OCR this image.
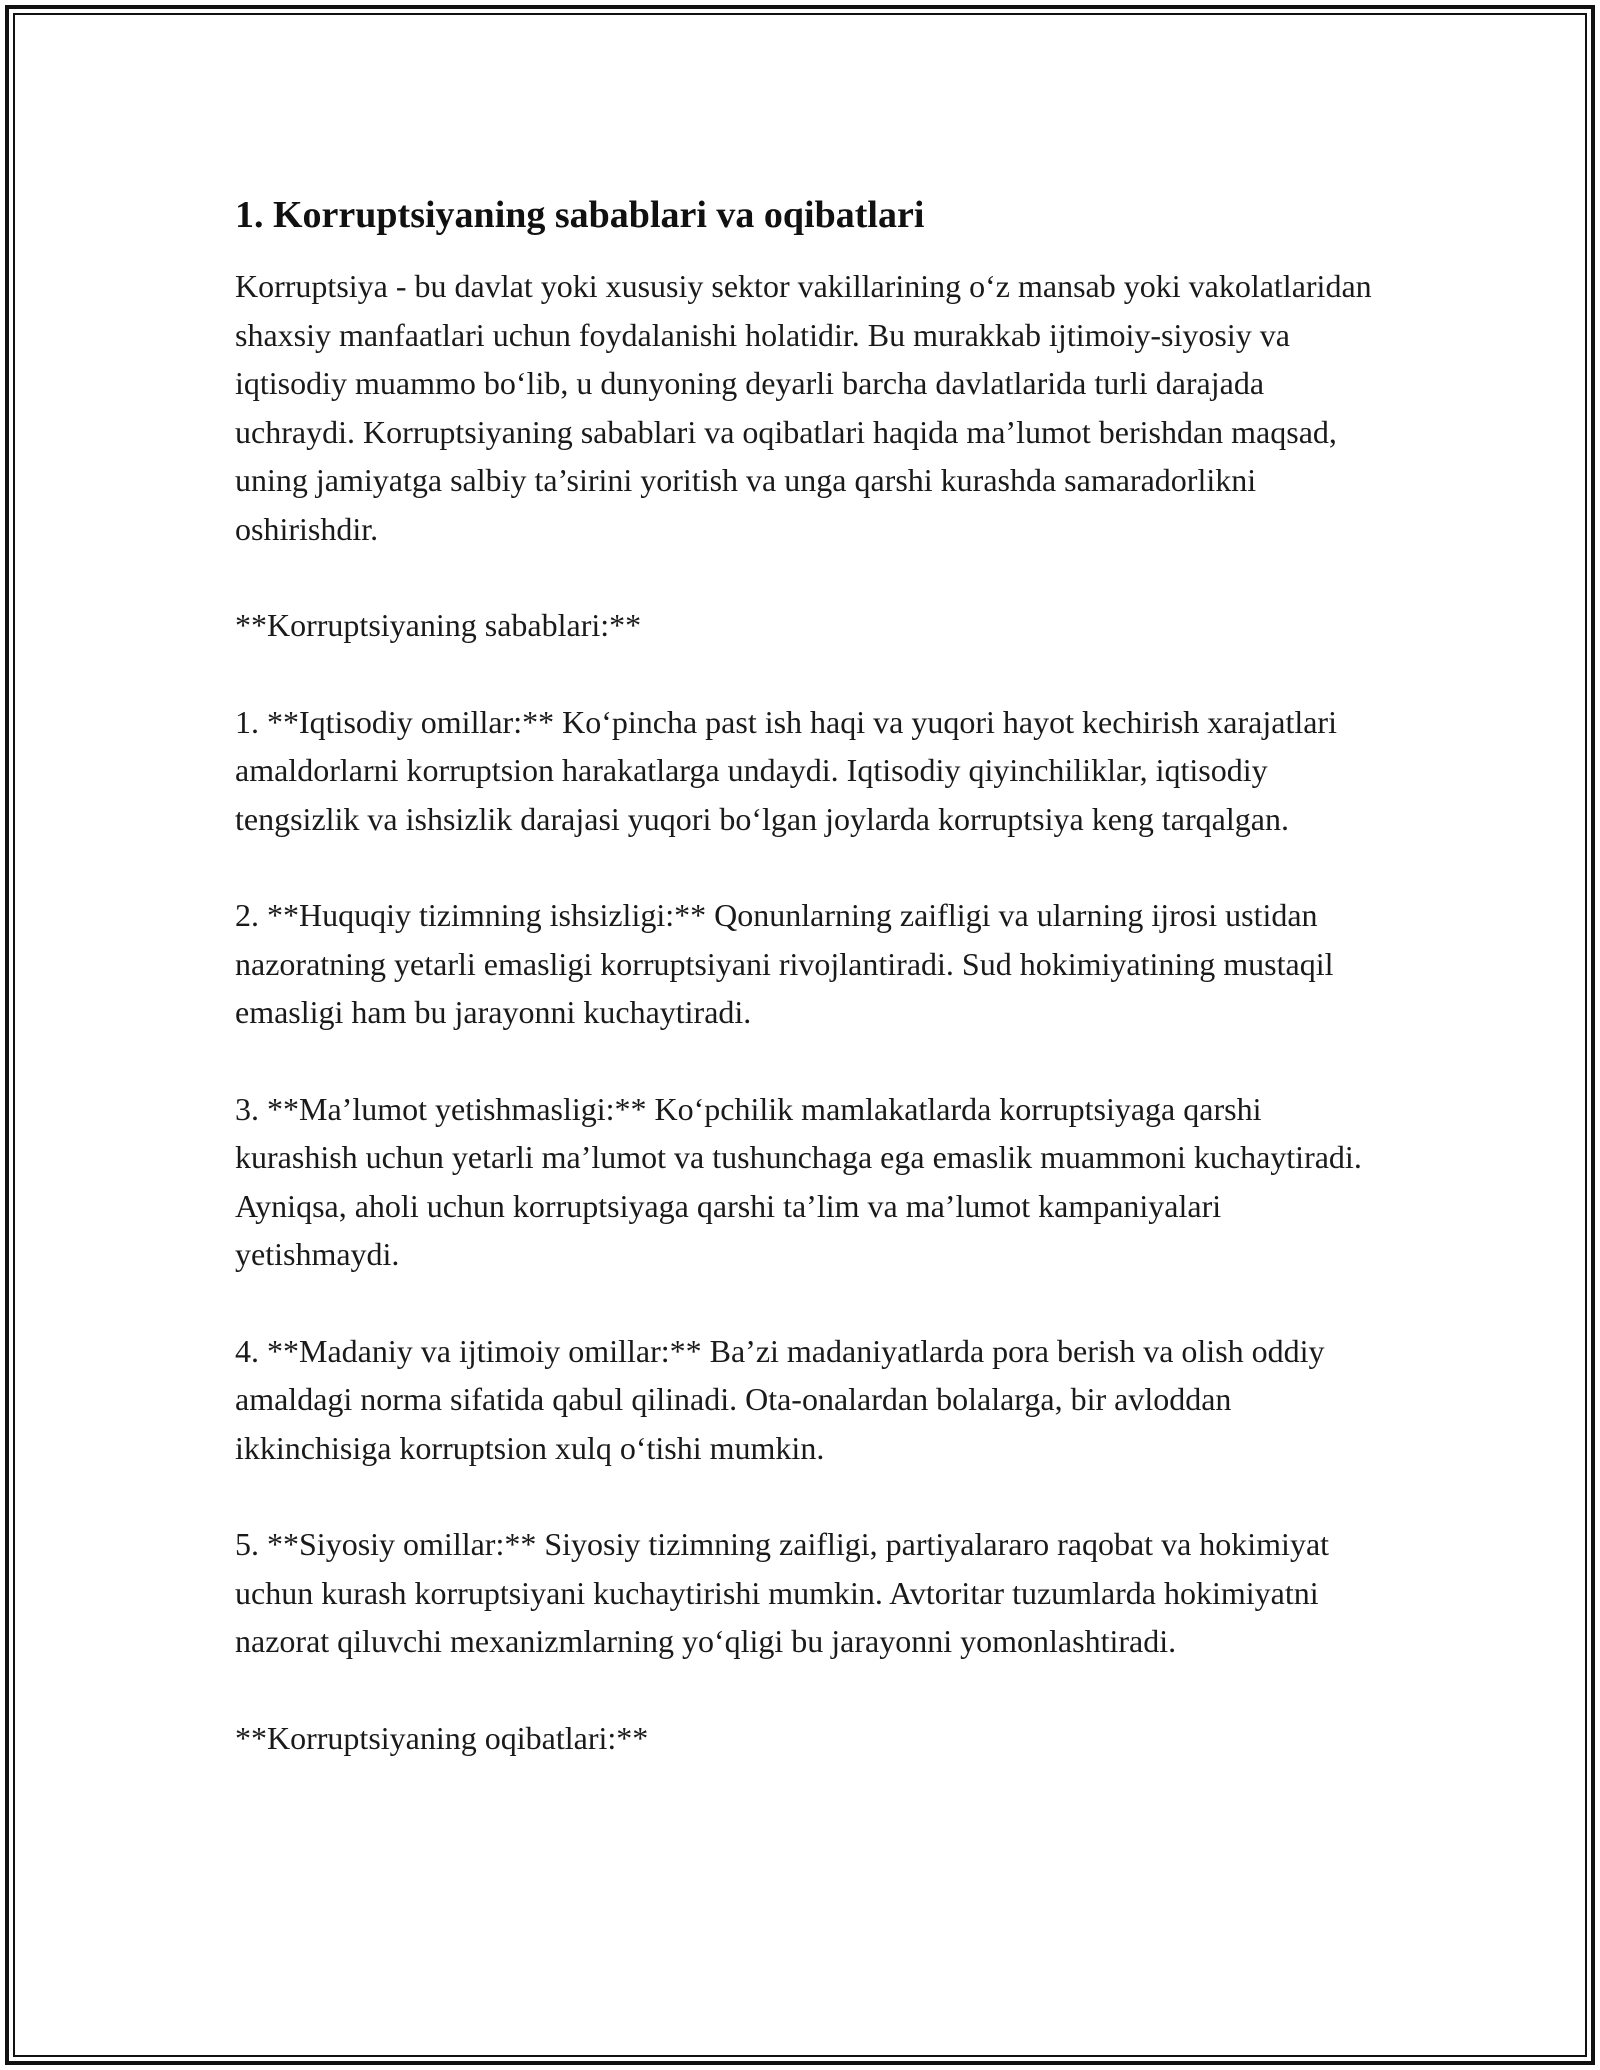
1. Korruptsiyaning sabablari va oqibatlari

Korruptsiya - bu davlat yoki xususiy sektor vakillarining o‘z mansab yoki vakolatlaridan shaxsiy manfaatlari uchun foydalanishi holatidir. Bu murakkab ijtimoiy-siyosiy va iqtisodiy muammo bo‘lib, u dunyoning deyarli barcha davlatlarida turli darajada uchraydi. Korruptsiyaning sabablari va oqibatlari haqida ma’lumot berishdan maqsad, uning jamiyatga salbiy ta’sirini yoritish va unga qarshi kurashda samaradorlikni oshirishdir.

**Korruptsiyaning sabablari:**

1. **Iqtisodiy omillar:** Ko‘pincha past ish haqi va yuqori hayot kechirish xarajatlari amaldorlarni korruptsion harakatlarga undaydi. Iqtisodiy qiyinchiliklar, iqtisodiy tengsizlik va ishsizlik darajasi yuqori bo‘lgan joylarda korruptsiya keng tarqalgan.

2. **Huquqiy tizimning ishsizligi:** Qonunlarning zaifligi va ularning ijrosi ustidan nazoratning yetarli emasligi korruptsiyani rivojlantiradi. Sud hokimiyatining mustaqil emasligi ham bu jarayonni kuchaytiradi.

3. **Ma’lumot yetishmasligi:** Ko‘pchilik mamlakatlarda korruptsiyaga qarshi kurashish uchun yetarli ma’lumot va tushunchaga ega emaslik muammoni kuchaytiradi. Ayniqsa, aholi uchun korruptsiyaga qarshi ta’lim va ma’lumot kampaniyalari yetishmaydi.

4. **Madaniy va ijtimoiy omillar:** Ba’zi madaniyatlarda pora berish va olish oddiy amaldagi norma sifatida qabul qilinadi. Ota-onalardan bolalarga, bir avloddan ikkinchisiga korruptsion xulq o‘tishi mumkin.

5. **Siyosiy omillar:** Siyosiy tizimning zaifligi, partiyalararo raqobat va hokimiyat uchun kurash korruptsiyani kuchaytirishi mumkin. Avtoritar tuzumlarda hokimiyatni nazorat qiluvchi mexanizmlarning yo‘qligi bu jarayonni yomonlashtiradi.

**Korruptsiyaning oqibatlari:**
